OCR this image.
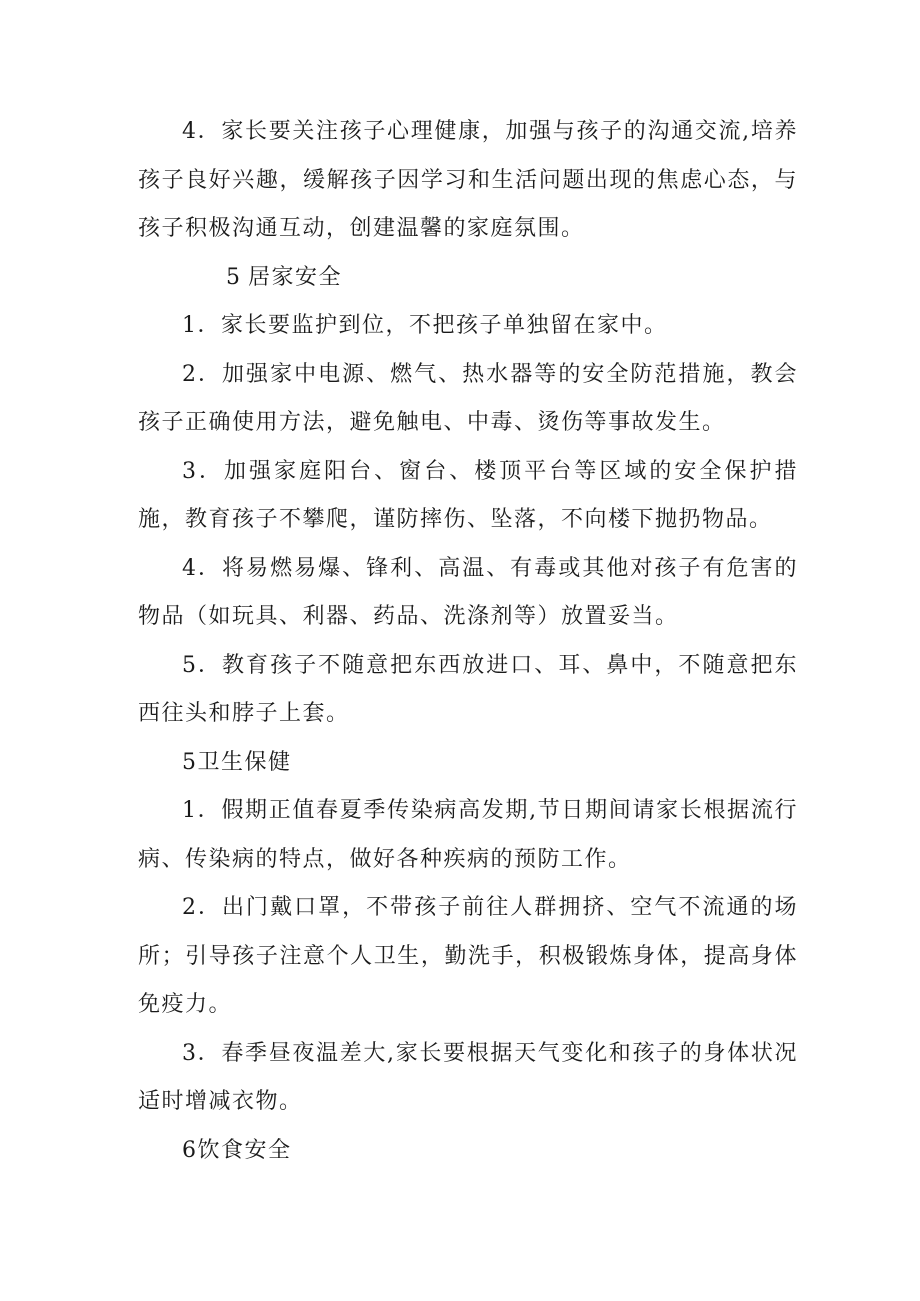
4．家长要关注孩子心理健康，加强与孩子的沟通交流,培养孩子良好兴趣，缓解孩子因学习和生活问题出现的焦虑心态，与孩子积极沟通互动，创建温馨的家庭氛围。

5 居家安全

1．家长要监护到位，不把孩子单独留在家中。

2．加强家中电源、燃气、热水器等的安全防范措施，教会孩子正确使用方法，避免触电、中毒、烫伤等事故发生。

3．加强家庭阳台、窗台、楼顶平台等区域的安全保护措施，教育孩子不攀爬，谨防摔伤、坠落，不向楼下抛扔物品。

4．将易燃易爆、锋利、高温、有毒或其他对孩子有危害的物品（如玩具、利器、药品、洗涤剂等）放置妥当。

5．教育孩子不随意把东西放进口、耳、鼻中，不随意把东西往头和脖子上套。

5卫生保健

1．假期正值春夏季传染病高发期,节日期间请家长根据流行病、传染病的特点，做好各种疾病的预防工作。

2．出门戴口罩，不带孩子前往人群拥挤、空气不流通的场所；引导孩子注意个人卫生，勤洗手，积极锻炼身体，提高身体免疫力。

3．春季昼夜温差大,家长要根据天气变化和孩子的身体状况适时增减衣物。

6饮食安全
